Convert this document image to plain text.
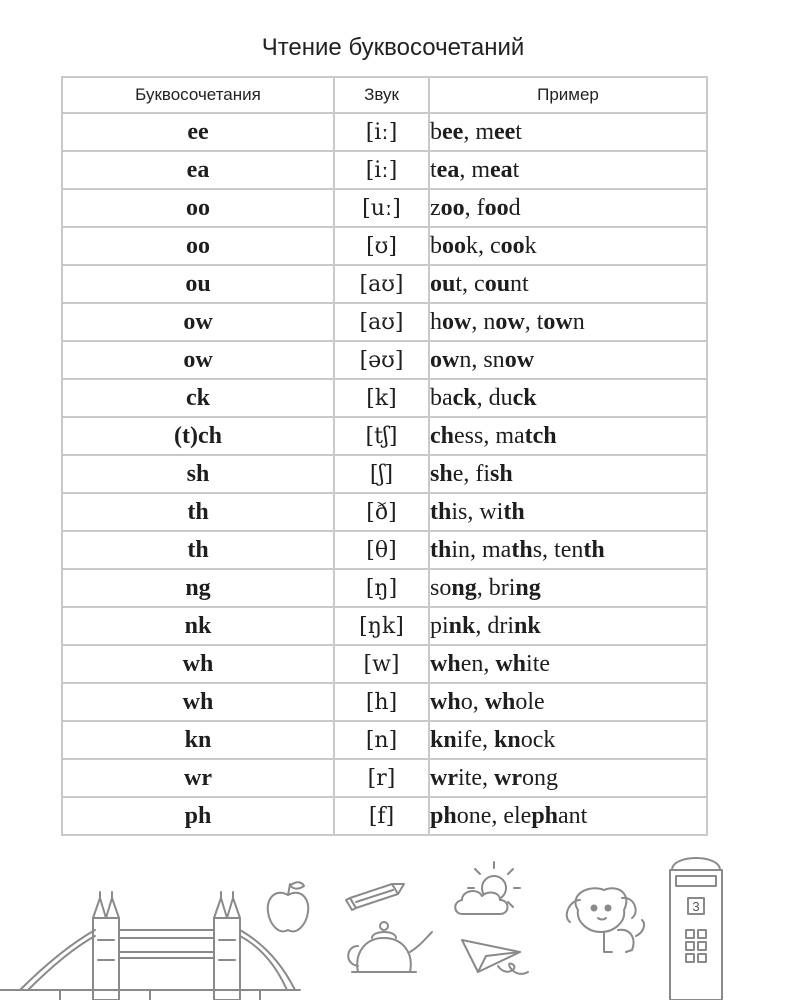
Чтение буквосочетаний
Буквосочетания	Звук	Пример
ee	[iː]	bee, meet
ea	[iː]	tea, meat
oo	[uː]	zoo, food
oo	[ʊ]	book, cook
ou	[aʊ]	out, count
ow	[aʊ]	how, now, town
ow	[əʊ]	own, snow
ck	[k]	back, duck
(t)ch	[tʃ]	chess, match
sh	[ʃ]	she, fish
th	[ð]	this, with
th	[θ]	thin, maths, tenth
ng	[ŋ]	song, bring
nk	[ŋk]	pink, drink
wh	[w]	when, white
wh	[h]	who, whole
kn	[n]	knife, knock
wr	[r]	write, wrong
ph	[f]	phone, elephant
3
